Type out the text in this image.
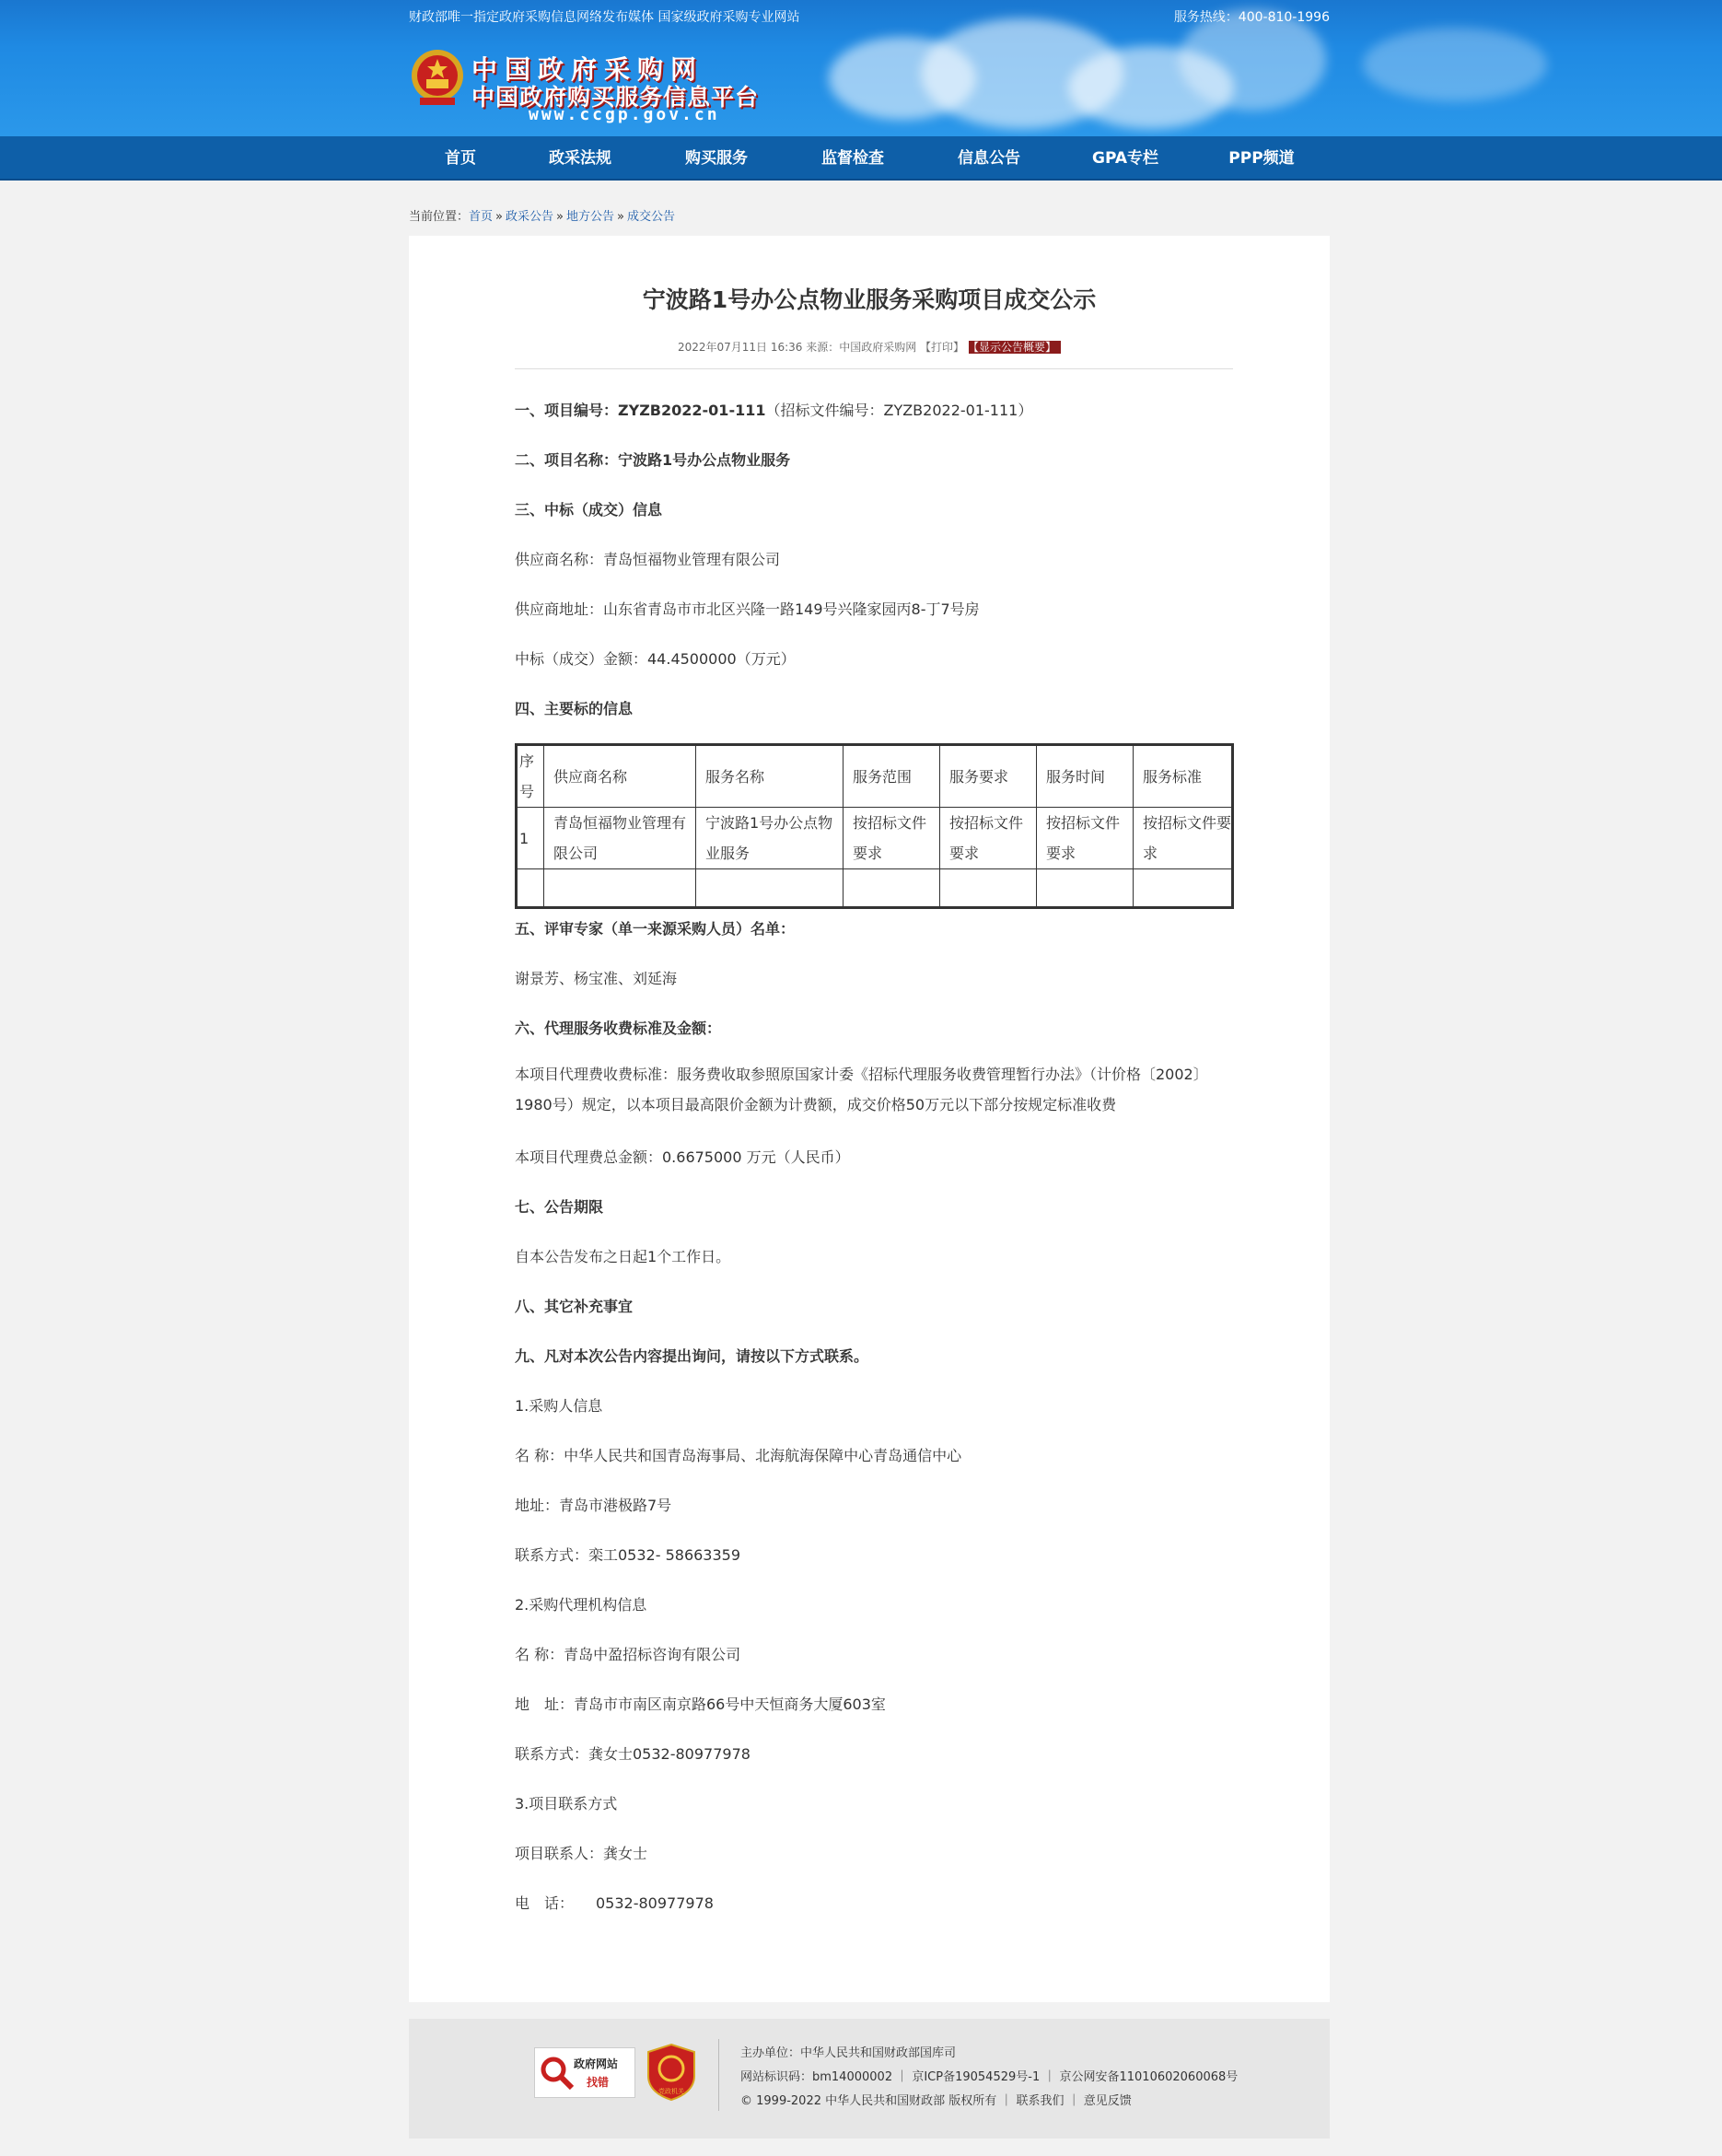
财政部唯一指定政府采购信息网络发布媒体 国家级政府采购专业网站	服务热线：400-810-1996
中国政府采购网
中国政府购买服务信息平台
www.ccgp.gov.cn
首页	政采法规	购买服务	监督检查	信息公告	GPA专栏	PPP频道
当前位置：首页 » 政采公告 » 地方公告 » 成交公告
宁波路1号办公点物业服务采购项目成交公示
2022年07月11日 16:36 来源：中国政府采购网 【打印】 【显示公告概要】
一、项目编号：ZYZB2022-01-111（招标文件编号：ZYZB2022-01-111）
二、项目名称：宁波路1号办公点物业服务
三、中标（成交）信息
供应商名称：青岛恒福物业管理有限公司
供应商地址：山东省青岛市市北区兴隆一路149号兴隆家园丙8-丁7号房
中标（成交）金额：44.4500000（万元）
四、主要标的信息
序号	供应商名称	服务名称	服务范围	服务要求	服务时间	服务标准

1	青岛恒福物业管理有限公司	宁波路1号办公点物业服务	按招标文件要求	按招标文件要求	按招标文件要求	按招标文件要求

五、评审专家（单一来源采购人员）名单：
谢景芳、杨宝准、刘延海
六、代理服务收费标准及金额：
本项目代理费收费标准：服务费收取参照原国家计委《招标代理服务收费管理暂行办法》（计价格〔2002〕1980号）规定，以本项目最高限价金额为计费额，成交价格50万元以下部分按规定标准收费
本项目代理费总金额：0.6675000 万元（人民币）
七、公告期限
自本公告发布之日起1个工作日。
八、其它补充事宜
九、凡对本次公告内容提出询问，请按以下方式联系。
1.采购人信息
名 称：中华人民共和国青岛海事局、北海航海保障中心青岛通信中心
地址：青岛市港极路7号
联系方式：栾工0532- 58663359
2.采购代理机构信息
名 称：青岛中盈招标咨询有限公司
地　址：青岛市市南区南京路66号中天恒商务大厦603室
联系方式：龚女士0532-80977978
3.项目联系方式
项目联系人：龚女士
电　话：　　0532-80977978
政府网站
找错
党政机关
主办单位：中华人民共和国财政部国库司
网站标识码：bm14000002 ｜ 京ICP备19054529号-1 ｜ 京公网安备11010602060068号
© 1999-2022 中华人民共和国财政部 版权所有 ｜ 联系我们 ｜ 意见反馈
